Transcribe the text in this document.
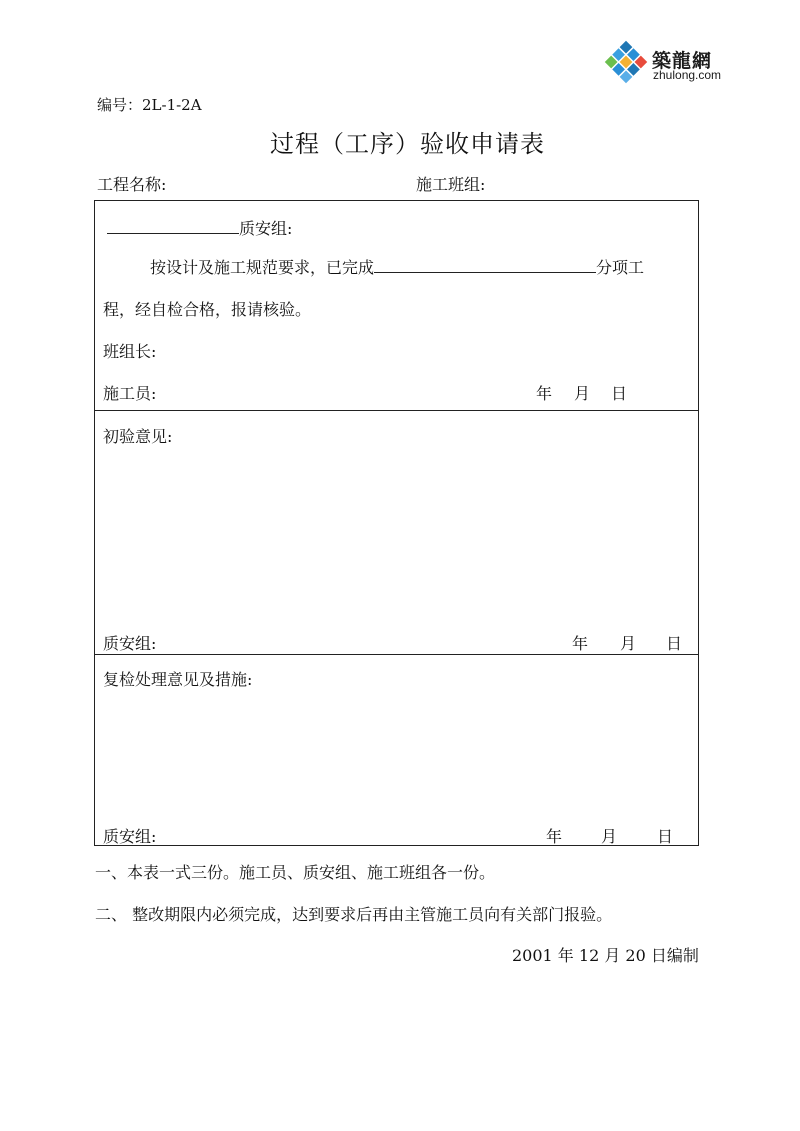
築龍網
zhulong.com
编号：2L-1-2A
过程（工序）验收申请表
工程名称:	施工班组:
质安组:
按设计及施工规范要求，已完成	分项工
程，经自检合格，报请核验。
班组长:
施工员:	年 月 日
初验意见:
质安组:	年 月 日
复检处理意见及措施:
质安组:	年 月 日
一、本表一式三份。施工员、质安组、施工班组各一份。
二、 整改期限内必须完成，达到要求后再由主管施工员向有关部门报验。
2001 年 12 月 20 日编制
